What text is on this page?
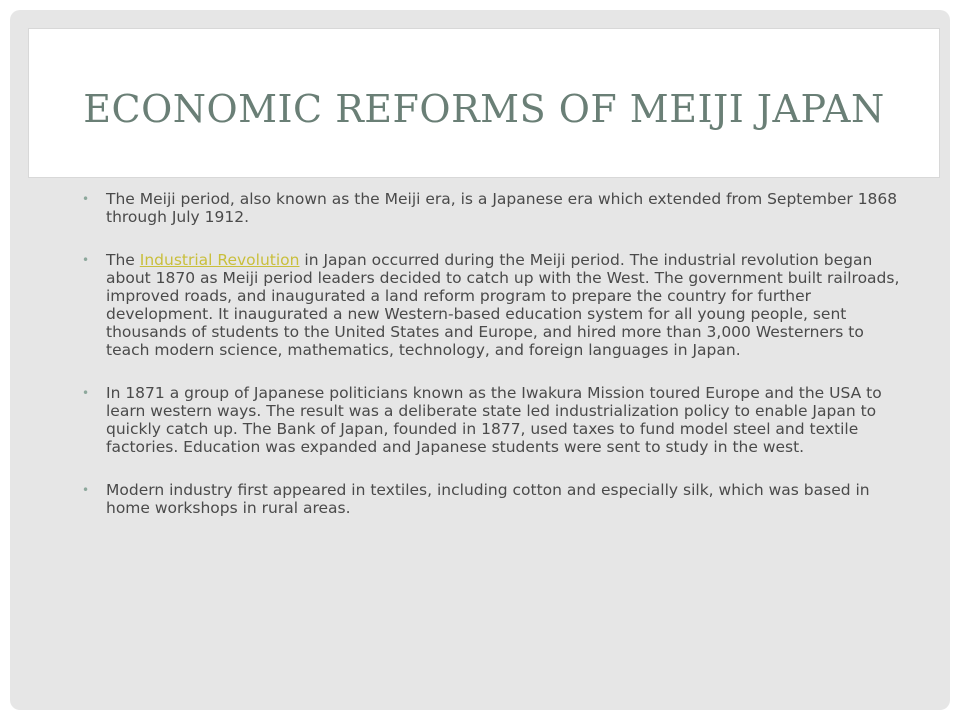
ECONOMIC REFORMS OF MEIJI JAPAN

• The Meiji period, also known as the Meiji era, is a Japanese era which extended from September 1868 through July 1912.

• The Industrial Revolution in Japan occurred during the Meiji period. The industrial revolution began about 1870 as Meiji period leaders decided to catch up with the West. The government built railroads, improved roads, and inaugurated a land reform program to prepare the country for further development. It inaugurated a new Western-based education system for all young people, sent thousands of students to the United States and Europe, and hired more than 3,000 Westerners to teach modern science, mathematics, technology, and foreign languages in Japan.

• In 1871 a group of Japanese politicians known as the Iwakura Mission toured Europe and the USA to learn western ways. The result was a deliberate state led industrialization policy to enable Japan to quickly catch up. The Bank of Japan, founded in 1877, used taxes to fund model steel and textile factories. Education was expanded and Japanese students were sent to study in the west.

• Modern industry first appeared in textiles, including cotton and especially silk, which was based in home workshops in rural areas.
